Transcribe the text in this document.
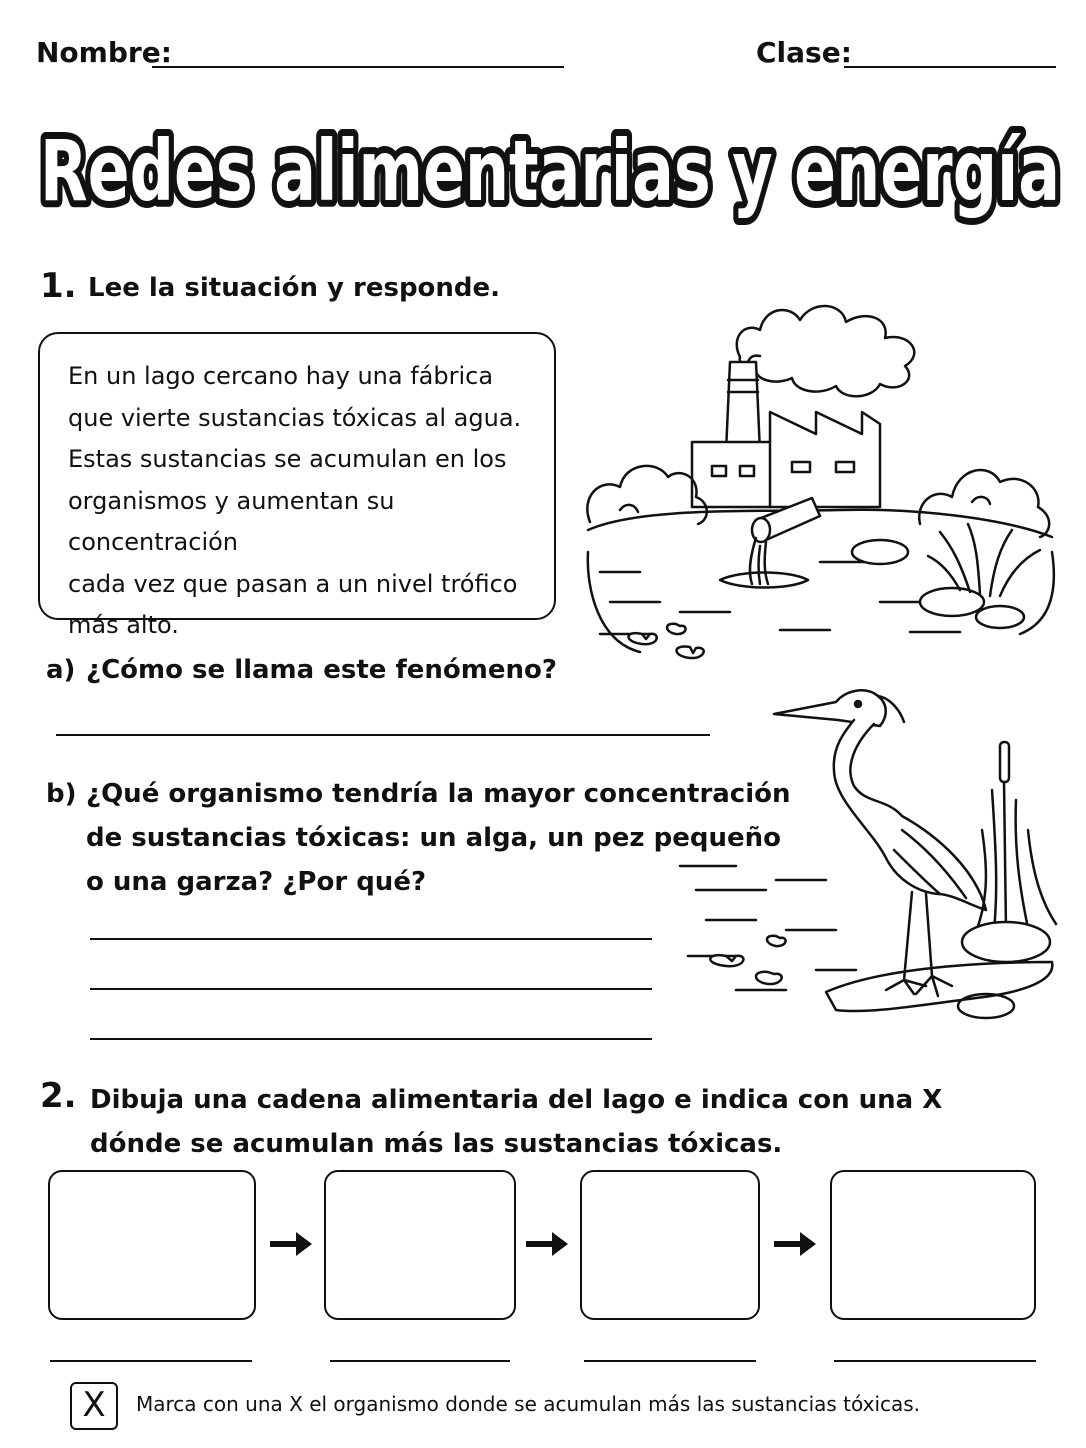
Nombre:	Clase:
Redes alimentarias y energía
Redes alimentarias y energía
1. Lee la situación y responde.
En un lago cercano hay una fábrica
que vierte sustancias tóxicas al agua.
Estas sustancias se acumulan en los
organismos y aumentan su concentración
cada vez que pasan a un nivel trófico
más alto.
a) ¿Cómo se llama este fenómeno?
b) ¿Qué organismo tendría la mayor concentración
de sustancias tóxicas: un alga, un pez pequeño
o una garza? ¿Por qué?
2. Dibuja una cadena alimentaria del lago e indica con una X
dónde se acumulan más las sustancias tóxicas.
X	Marca con una X el organismo donde se acumulan más las sustancias tóxicas.
